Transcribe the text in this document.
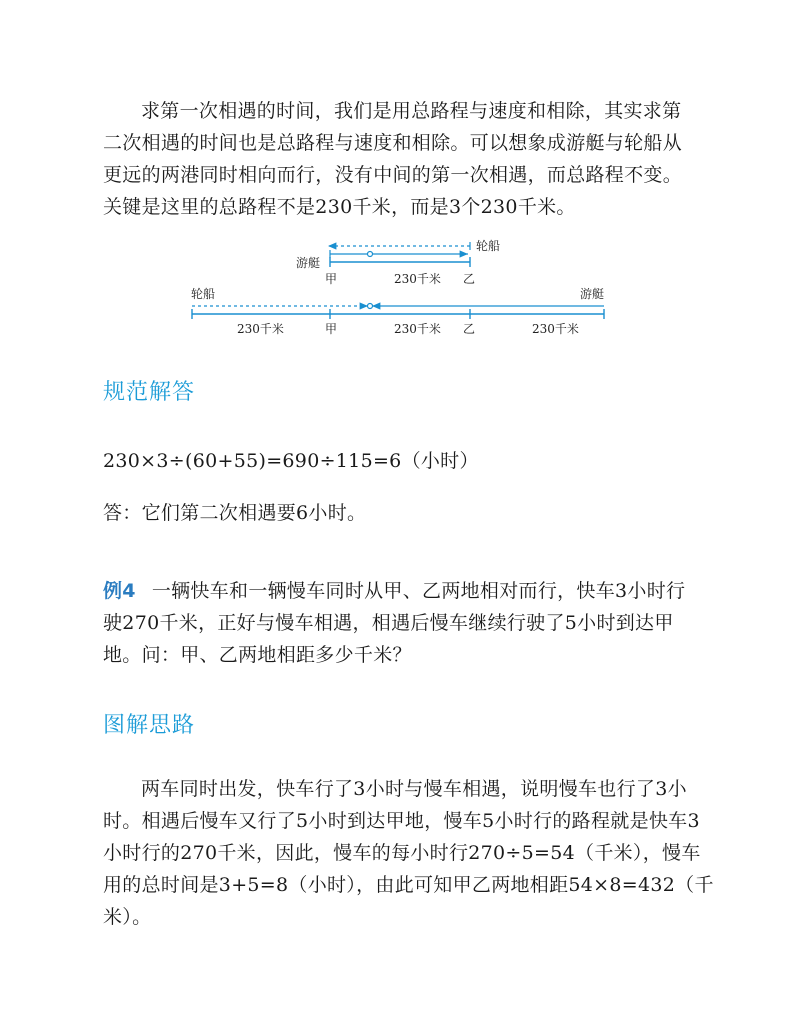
求第一次相遇的时间，我们是用总路程与速度和相除，其实求第
二次相遇的时间也是总路程与速度和相除。可以想象成游艇与轮船从
更远的两港同时相向而行，没有中间的第一次相遇，而总路程不变。
关键是这里的总路程不是230千米，而是3个230千米。
轮船
游艇
甲	230千米 乙
轮船	游艇
230千米	甲	230千米 乙	230千米
规范解答
230×3÷(60+55)=690÷115=6（小时）
答：它们第二次相遇要6小时。
例4 一辆快车和一辆慢车同时从甲、乙两地相对而行，快车3小时行
驶270千米，正好与慢车相遇，相遇后慢车继续行驶了5小时到达甲
地。问：甲、乙两地相距多少千米？
图解思路
两车同时出发，快车行了3小时与慢车相遇，说明慢车也行了3小
时。相遇后慢车又行了5小时到达甲地，慢车5小时行的路程就是快车3
小时行的270千米，因此，慢车的每小时行270÷5=54（千米），慢车
用的总时间是3+5=8（小时），由此可知甲乙两地相距54×8=432（千
米）。
